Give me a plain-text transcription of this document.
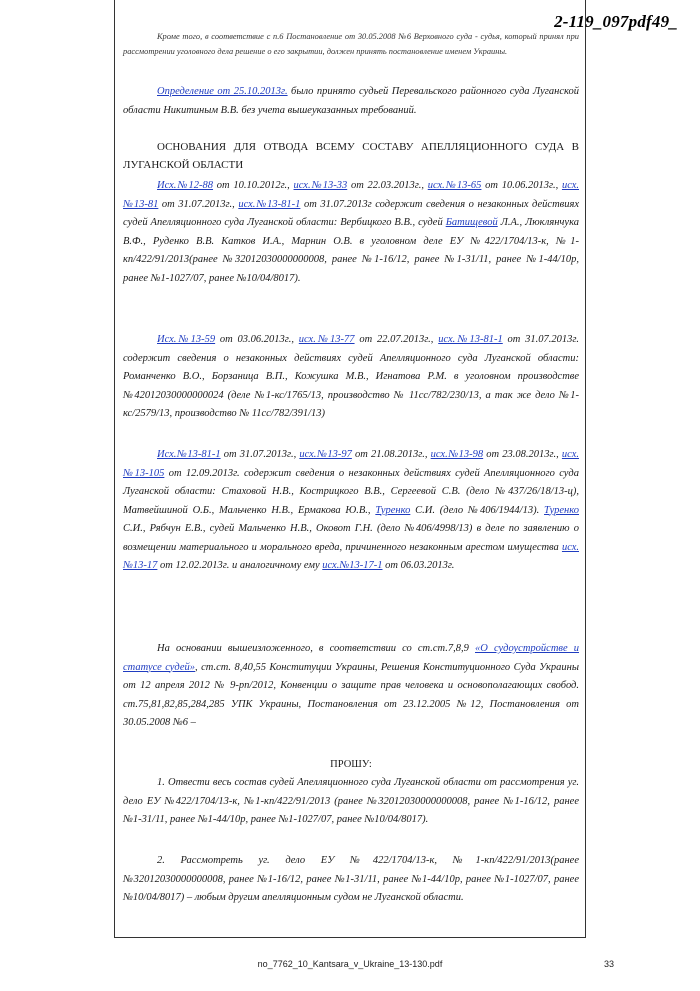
2-119_097pdf49_
Кроме того, в соответствие с п.6 Постановление от 30.05.2008 №6 Верховного суда - судья, который принял при рассмотрении уголовного дела решение о его закрытии, должен принять постановление именем Украины.
Определение от 25.10.2013г. было принято судьей Перевальского районного суда Луганской области Никитиным В.В. без учета вышеуказанных требований.
ОСНОВАНИЯ ДЛЯ ОТВОДА ВСЕМУ СОСТАВУ АПЕЛЛЯЦИОННОГО СУДА В ЛУГАНСКОЙ ОБЛАСТИ
Исх.№12-88 от 10.10.2012г., исх.№13-33 от 22.03.2013г., исх.№13-65 от 10.06.2013г., исх.№13-81 от 31.07.2013г., исх.№13-81-1 от 31.07.2013г содержит сведения о незаконных действиях судей Апелляционного суда Луганской области: Вербицкого В.В., судей Батищевой Л.А., Люклянчука В.Ф., Руденко В.В. Катков И.А., Марнин О.В. в уголовном деле ЕУ №422/1704/13-к, №1-кп/422/91/2013(ранее №32012030000000008, ранее №1-16/12, ранее №1-31/11, ранее №1-44/10р, ранее №1-1027/07, ранее №10/04/8017).
Исх.№13-59 от 03.06.2013г., исх.№13-77 от 22.07.2013г., исх.№13-81-1 от 31.07.2013г. содержит сведения о незаконных действиях судей Апелляционного суда Луганской области: Романченко В.О., Борзаница В.П., Кожушка М.В., Игнатова Р.М. в уголовном производстве №42012030000000024 (деле №1-кс/1765/13, производство № 11сс/782/230/13, а так же дело №1-кс/2579/13, производство № 11сс/782/391/13)
Исх.№13-81-1 от 31.07.2013г., исх.№13-97 от 21.08.2013г., исх.№13-98 от 23.08.2013г., исх.№13-105 от 12.09.2013г. содержит сведения о незаконных действиях судей Апелляционного суда Луганской области: Стаховой Н.В., Кострицкого В.В., Сергеевой С.В. (дело №437/26/18/13-ц), Матвейшиной О.Б., Мальченко Н.В., Ермакова Ю.В., Туренко С.И. (дело №406/1944/13). Туренко С.И., Рябчун Е.В., судей Мальченко Н.В., Оковот Г.Н. (дело №406/4998/13) в деле по заявлению о возмещении материального и морального вреда, причиненного незаконным арестом имущества исх.№13-17 от 12.02.2013г. и аналогичному ему исх.№13-17-1 от 06.03.2013г.
На основании вышеизложенного, в соответствии со ст.ст.7,8,9 «О судоустройстве и статусе судей», ст.ст. 8,40,55 Конституции Украины, Решения Конституционного Суда Украины от 12 апреля 2012 № 9-рп/2012, Конвенции о защите прав человека и основополагающих свобод. ст.75,81,82,85,284,285 УПК Украины, Постановления от 23.12.2005 №12, Постановления от 30.05.2008 №6 –
ПРОШУ:
1. Отвести весь состав судей Апелляционного суда Луганской области от рассмотрения уг. дело ЕУ №422/1704/13-к, №1-кп/422/91/2013 (ранее №32012030000000008, ранее №1-16/12, ранее №1-31/11, ранее №1-44/10р, ранее №1-1027/07, ранее №10/04/8017).
2. Рассмотреть уг. дело ЕУ №422/1704/13-к, №1-кп/422/91/2013(ранее №32012030000000008, ранее №1-16/12, ранее №1-31/11, ранее №1-44/10р, ранее №1-1027/07, ранее №10/04/8017) – любым другим апелляционным судом не Луганской области.
no_7762_10_Kantsara_v_Ukraine_13-130.pdf	33
